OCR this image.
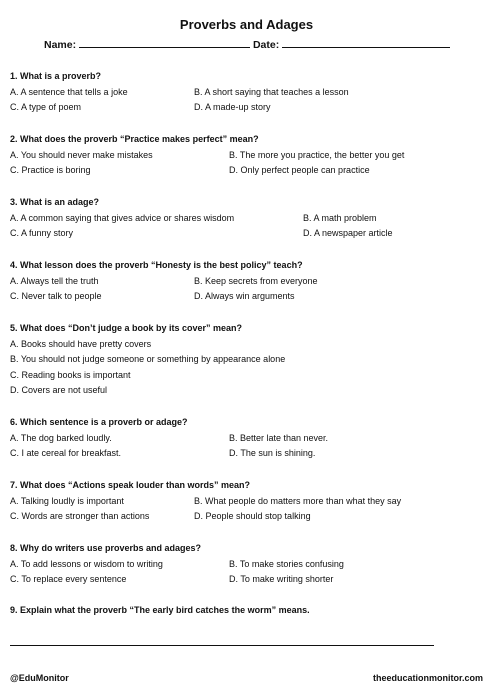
Proverbs and Adages
Name:	Date:
1. What is a proverb?
A. A sentence that tells a joke	B. A short saying that teaches a lesson
C. A type of poem	D. A made-up story
2. What does the proverb “Practice makes perfect” mean?
A. You should never make mistakes	B. The more you practice, the better you get
C. Practice is boring	D. Only perfect people can practice
3. What is an adage?
A. A common saying that gives advice or shares wisdom	B. A math problem
C. A funny story	D. A newspaper article
4. What lesson does the proverb “Honesty is the best policy” teach?
A. Always tell the truth	B. Keep secrets from everyone
C. Never talk to people	D. Always win arguments
5. What does “Don’t judge a book by its cover” mean?
A. Books should have pretty covers
B. You should not judge someone or something by appearance alone
C. Reading books is important
D. Covers are not useful
6. Which sentence is a proverb or adage?
A. The dog barked loudly.	B. Better late than never.
C. I ate cereal for breakfast.	D. The sun is shining.
7. What does “Actions speak louder than words” mean?
A. Talking loudly is important	B. What people do matters more than what they say
C. Words are stronger than actions	D. People should stop talking
8. Why do writers use proverbs and adages?
A. To add lessons or wisdom to writing	B. To make stories confusing
C. To replace every sentence	D. To make writing shorter
9. Explain what the proverb “The early bird catches the worm” means.
@EduMonitor	theeducationmonitor.com
